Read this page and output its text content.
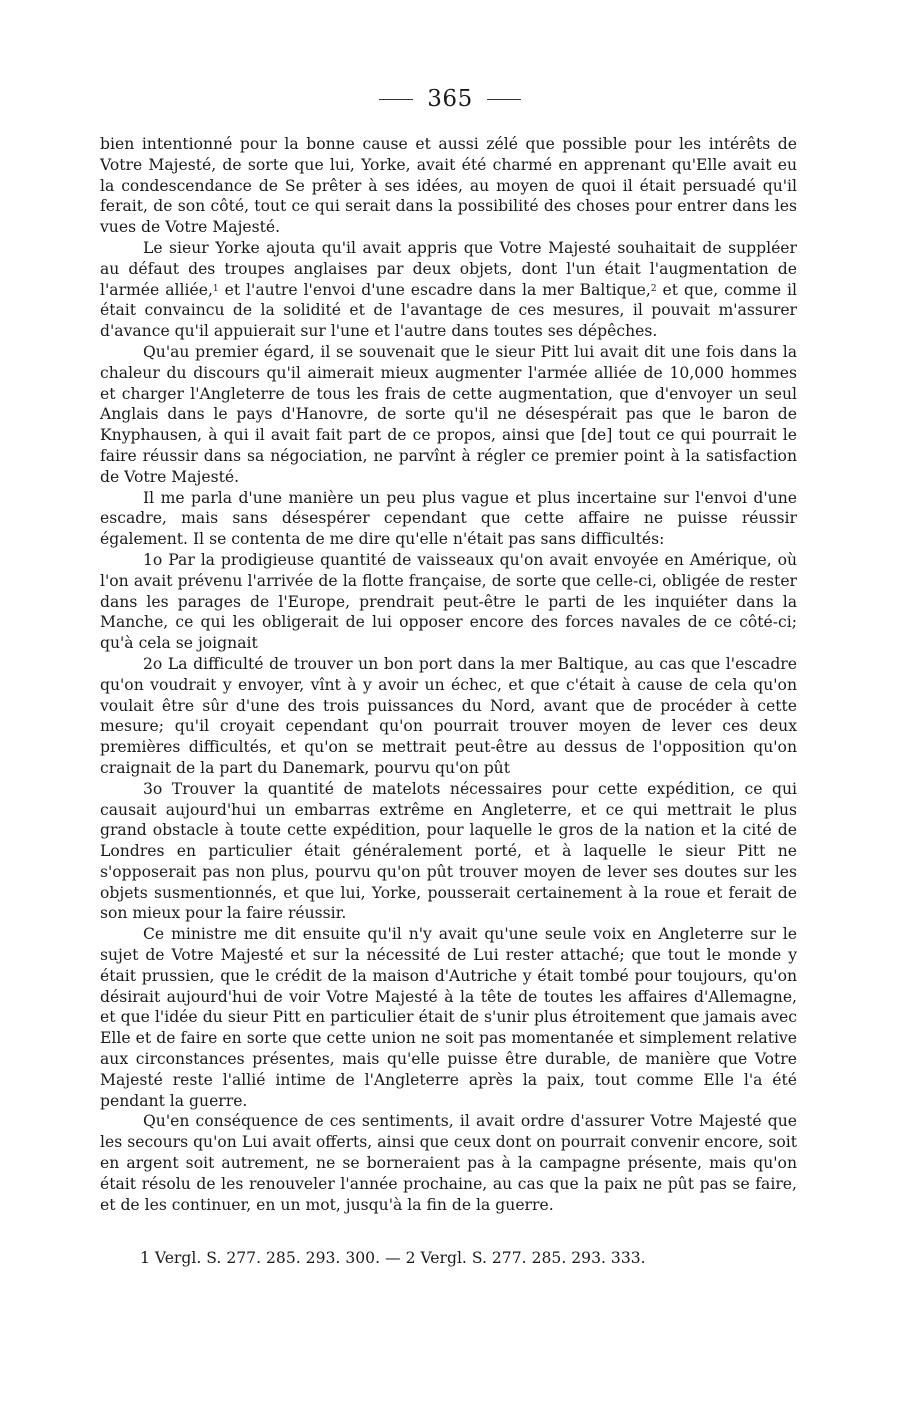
365

bien intentionné pour la bonne cause et aussi zélé que possible pour les intérêts de Votre Majesté, de sorte que lui, Yorke, avait été charmé en apprenant qu'Elle avait eu la condescendance de Se prêter à ses idées, au moyen de quoi il était persuadé qu'il ferait, de son côté, tout ce qui serait dans la possibilité des choses pour entrer dans les vues de Votre Majesté.

Le sieur Yorke ajouta qu'il avait appris que Votre Majesté souhaitait de suppléer au défaut des troupes anglaises par deux objets, dont l'un était l'augmentation de l'armée alliée,$^1$ et l'autre l'envoi d'une escadre dans la mer Baltique,$^2$ et que, comme il était convaincu de la solidité et de l'avantage de ces mesures, il pouvait m'assurer d'avance qu'il appuierait sur l'une et l'autre dans toutes ses dépêches.

Qu'au premier égard, il se souvenait que le sieur Pitt lui avait dit une fois dans la chaleur du discours qu'il aimerait mieux augmenter l'armée alliée de 10,000 hommes et charger l'Angleterre de tous les frais de cette augmentation, que d'envoyer un seul Anglais dans le pays d'Hanovre, de sorte qu'il ne désespérait pas que le baron de Knyphausen, à qui il avait fait part de ce propos, ainsi que [de] tout ce qui pourrait le faire réussir dans sa négociation, ne parvînt à régler ce premier point à la satisfaction de Votre Majesté.

Il me parla d'une manière un peu plus vague et plus incertaine sur l'envoi d'une escadre, mais sans désespérer cependant que cette affaire ne puisse réussir également. Il se contenta de me dire qu'elle n'était pas sans difficultés:

1o Par la prodigieuse quantité de vaisseaux qu'on avait envoyée en Amérique, où l'on avait prévenu l'arrivée de la flotte française, de sorte que celle-ci, obligée de rester dans les parages de l'Europe, prendrait peut-être le parti de les inquiéter dans la Manche, ce qui les obligerait de lui opposer encore des forces navales de ce côté-ci; qu'à cela se joignait

2o La difficulté de trouver un bon port dans la mer Baltique, au cas que l'escadre qu'on voudrait y envoyer, vînt à y avoir un échec, et que c'était à cause de cela qu'on voulait être sûr d'une des trois puissances du Nord, avant que de procéder à cette mesure; qu'il croyait cependant qu'on pourrait trouver moyen de lever ces deux premières difficultés, et qu'on se mettrait peut-être au dessus de l'opposition qu'on craignait de la part du Danemark, pourvu qu'on pût

3o Trouver la quantité de matelots nécessaires pour cette expédition, ce qui causait aujourd'hui un embarras extrême en Angleterre, et ce qui mettrait le plus grand obstacle à toute cette expédition, pour laquelle le gros de la nation et la cité de Londres en particulier était généralement porté, et à laquelle le sieur Pitt ne s'opposerait pas non plus, pourvu qu'on pût trouver moyen de lever ses doutes sur les objets susmentionnés, et que lui, Yorke, pousserait certainement à la roue et ferait de son mieux pour la faire réussir.

Ce ministre me dit ensuite qu'il n'y avait qu'une seule voix en Angleterre sur le sujet de Votre Majesté et sur la nécessité de Lui rester attaché; que tout le monde y était prussien, que le crédit de la maison d'Autriche y était tombé pour toujours, qu'on désirait aujourd'hui de voir Votre Majesté à la tête de toutes les affaires d'Allemagne, et que l'idée du sieur Pitt en particulier était de s'unir plus étroitement que jamais avec Elle et de faire en sorte que cette union ne soit pas momentanée et simplement relative aux circonstances présentes, mais qu'elle puisse être durable, de manière que Votre Majesté reste l'allié intime de l'Angleterre après la paix, tout comme Elle l'a été pendant la guerre.

Qu'en conséquence de ces sentiments, il avait ordre d'assurer Votre Majesté que les secours qu'on Lui avait offerts, ainsi que ceux dont on pourrait convenir encore, soit en argent soit autrement, ne se borneraient pas à la campagne présente, mais qu'on était résolu de les renouveler l'année prochaine, au cas que la paix ne pût pas se faire, et de les continuer, en un mot, jusqu'à la fin de la guerre.

1 Vergl. S. 277. 285. 293. 300. — 2 Vergl. S. 277. 285. 293. 333.
